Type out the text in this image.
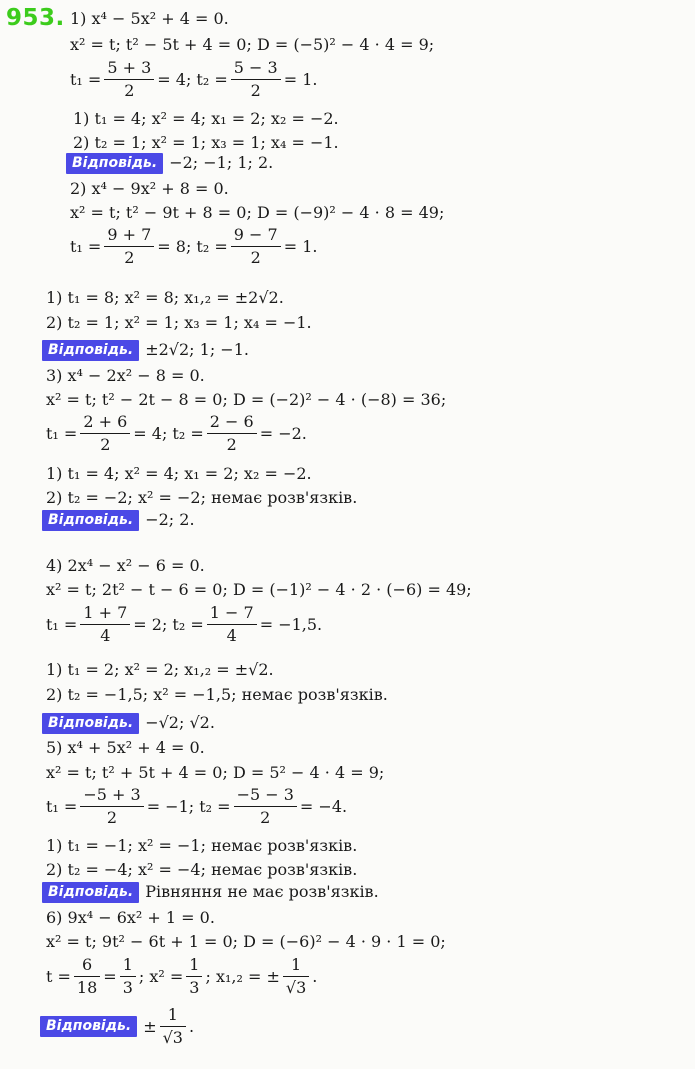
953. 1) x⁴ − 5x² + 4 = 0.
x² = t; t² − 5t + 4 = 0; D = (−5)² − 4 · 4 = 9;
1) t₁ = 4; x² = 4; x₁ = 2; x₂ = −2.
2) t₂ = 1; x² = 1; x₃ = 1; x₄ = −1.
2) x⁴ − 9x² + 8 = 0.
x² = t; t² − 9t + 8 = 0; D = (−9)² − 4 · 8 = 49;
1) t₁ = 8; x² = 8; x₁,₂ = ±2√2.
2) t₂ = 1; x² = 1; x₃ = 1; x₄ = −1.
3) x⁴ − 2x² − 8 = 0.
x² = t; t² − 2t − 8 = 0; D = (−2)² − 4 · (−8) = 36;
1) t₁ = 4; x² = 4; x₁ = 2; x₂ = −2.
2) t₂ = −2; x² = −2; немає розв'язків.
4) 2x⁴ − x² − 6 = 0.
x² = t; 2t² − t − 6 = 0; D = (−1)² − 4 · 2 · (−6) = 49;
1) t₁ = 2; x² = 2; x₁,₂ = ±√2.
2) t₂ = −1,5; x² = −1,5; немає розв'язків.
5) x⁴ + 5x² + 4 = 0.
x² = t; t² + 5t + 4 = 0; D = 5² − 4 · 4 = 9;
1) t₁ = −1; x² = −1; немає розв'язків.
2) t₂ = −4; x² = −4; немає розв'язків.
6) 9x⁴ − 6x² + 1 = 0.
x² = t; 9t² − 6t + 1 = 0; D = (−6)² − 4 · 9 · 1 = 0;
Відповідь. −2; −1; 1; 2.
Відповідь. ±2√2; 1; −1.
Відповідь. −2; 2.
Відповідь. −√2; √2.
Відповідь. Рівняння не має розв'язків.
$t_1 = \frac{5 + 3}{2} = 4$; $t_2 = \frac{5 - 3}{2} = 1$.
$t_1 = \frac{9 + 7}{2} = 8$; $t_2 = \frac{9 - 7}{2} = 1$.
$t_1 = \frac{2 + 6}{2} = 4$; $t_2 = \frac{2 - 6}{2} = -2$.
$t_1 = \frac{1 + 7}{4} = 2$; $t_2 = \frac{1 - 7}{4} = -1,5$.
$t_1 = \frac{-5 + 3}{2} = -1$; $t_2 = \frac{-5 - 3}{2} = -4$.
$t = \frac{6}{18} = \frac{1}{3}$ ; $x^2 = \frac{1}{3}$ ; x₁,₂ = ± $\frac{1}{√3}$ .
Відповідь. ± $\frac{1}{√3}$ .
